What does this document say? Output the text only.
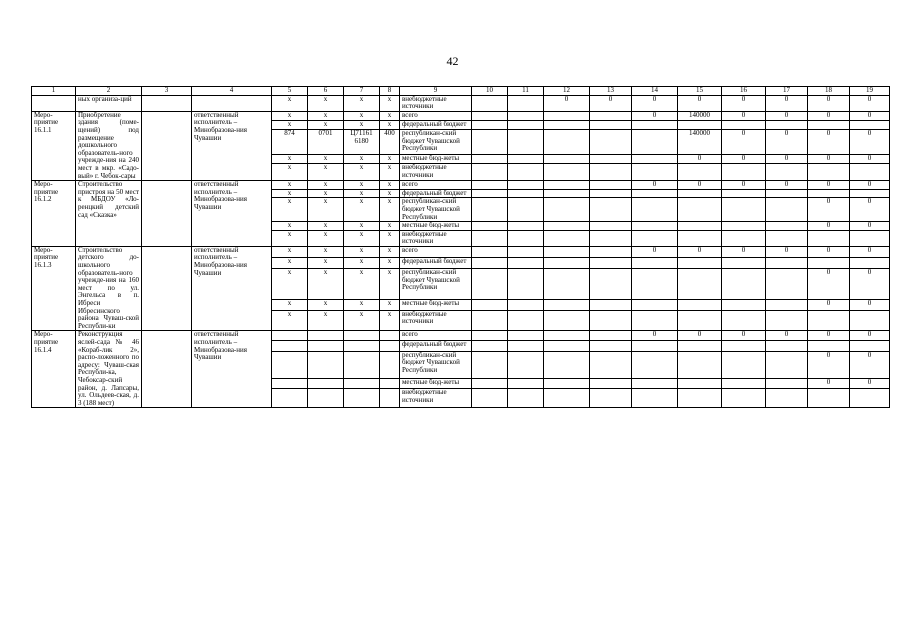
42
1	2	3	4	5	6	7	8	9	10	11	12	13	14	15	16	17	18	19
	ных организа-ций			x	x	x	x	внебюджетные источники			0	0	0	0	0	0	0	0
Меро-приятие 16.1.1	Приобретение здания (поме-щений) под размещение дошкольного образователь-ного учрежде-ния на 240 мест в мкр. «Садо-вый» г. Чебок-сары		ответственный исполнитель – Минобразова-ния Чувашии	x	x	x	x	всего					0	140000	0	0	0	0
				x	x	x	x	федеральный бюджет										
				874	0701	Ц71161 6180	400	республикан-ский бюджет Чувашской Республики						140000	0	0	0	0
				x	x	x	x	местные бюд-жеты						0	0	0	0	0
				x	x	x	x	внебюджетные источники										
Меро-приятие 16.1.2	Строительство пристроя на 50 мест к МБДОУ «Ло-ренцкий детский сад «Сказка»		ответственный исполнитель – Минобразова-ния Чувашии	x	x	x	x	всего					0	0	0	0	0	0
				x	x	x	x	федеральный бюджет										
				x	x	x	x	республикан-ский бюджет Чувашской Республики									0	0
				x	x	x	x	местные бюд-жеты									0	0
				x	x	x	x	внебюджетные источники										
Меро-приятие 16.1.3	Строительство детского до-школьного образователь-ного учрежде-ния на 160 мест по ул. Энгельса в п. Ибреси Ибресинского района Чуваш-ской Республи-ки		ответственный исполнитель – Минобразова-ния Чувашии	x	x	x	x	всего					0	0	0	0	0	0
				x	x	x	x	федеральный бюджет										
				x	x	x	x	республикан-ский бюджет Чувашской Республики									0	0
				x	x	x	x	местные бюд-жеты									0	0
				x	x	x	x	внебюджетные источники										
Меро-приятие 16.1.4	Реконструкция яслей-сада № 46 «Кораб-лик 2», распо-ложенного по адресу: Чуваш-ская Республи-ка, Чебоксар-ский район, д. Лапсары, ул. Ольдеев-ская, д. 3 (188 мест)		ответственный исполнитель – Минобразова-ния Чувашии					всего					0	0	0	0	0	0
								федеральный бюджет										
								республикан-ский бюджет Чувашской Республики									0	0
								местные бюд-жеты									0	0
								внебюджетные источники										
